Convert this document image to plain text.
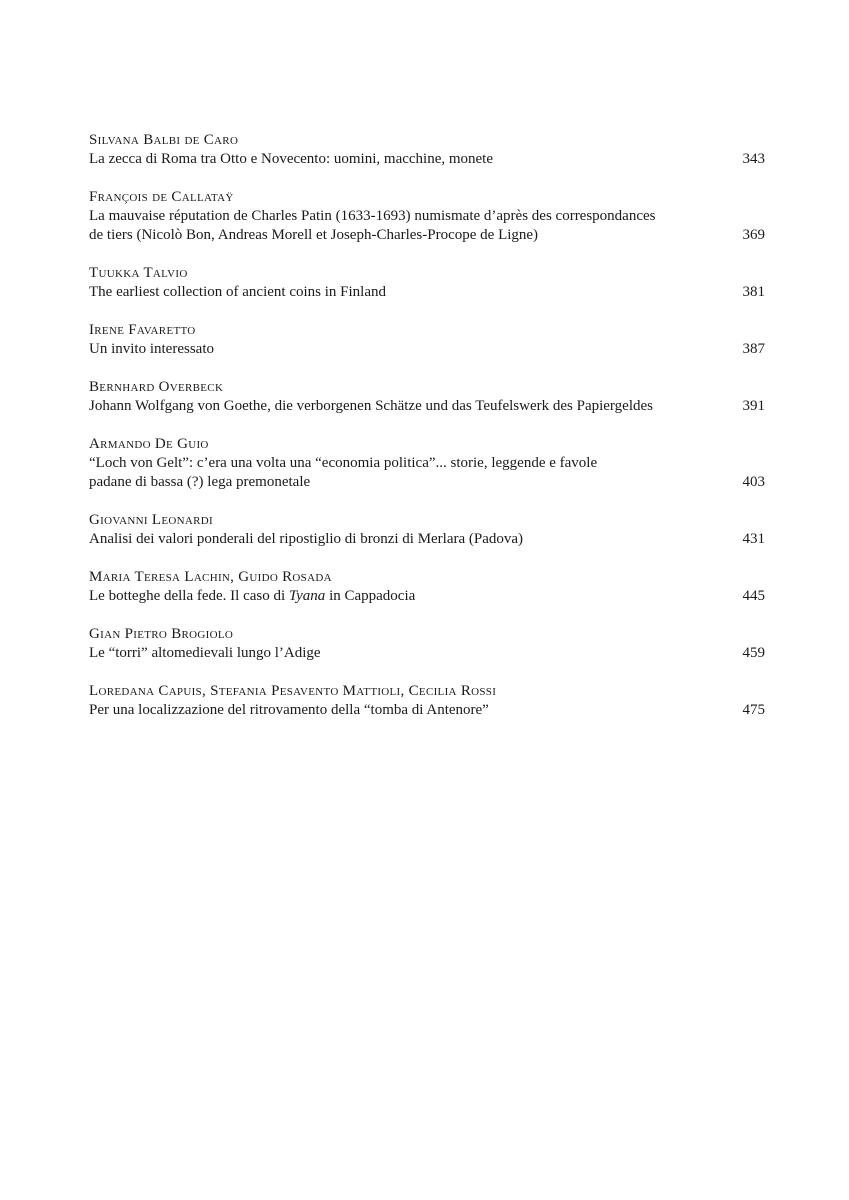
Silvana Balbi de Caro
La zecca di Roma tra Otto e Novecento: uomini, macchine, monete	343
François de Callataÿ
La mauvaise réputation de Charles Patin (1633-1693) numismate d’après des correspondances
de tiers (Nicolò Bon, Andreas Morell et Joseph-Charles-Procope de Ligne)	369
Tuukka Talvio
The earliest collection of ancient coins in Finland	381
Irene Favaretto
Un invito interessato	387
Bernhard Overbeck
Johann Wolfgang von Goethe, die verborgenen Schätze und das Teufelswerk des Papiergeldes	391
Armando De Guio
“Loch von Gelt”: c’era una volta una “economia politica”... storie, leggende e favole
padane di bassa (?) lega premonetale	403
Giovanni Leonardi
Analisi dei valori ponderali del ripostiglio di bronzi di Merlara (Padova)	431
Maria Teresa Lachin, Guido Rosada
Le botteghe della fede. Il caso di Tyana in Cappadocia	445
Gian Pietro Brogiolo
Le “torri” altomedievali lungo l’Adige	459
Loredana Capuis, Stefania Pesavento Mattioli, Cecilia Rossi
Per una localizzazione del ritrovamento della “tomba di Antenore”	475
